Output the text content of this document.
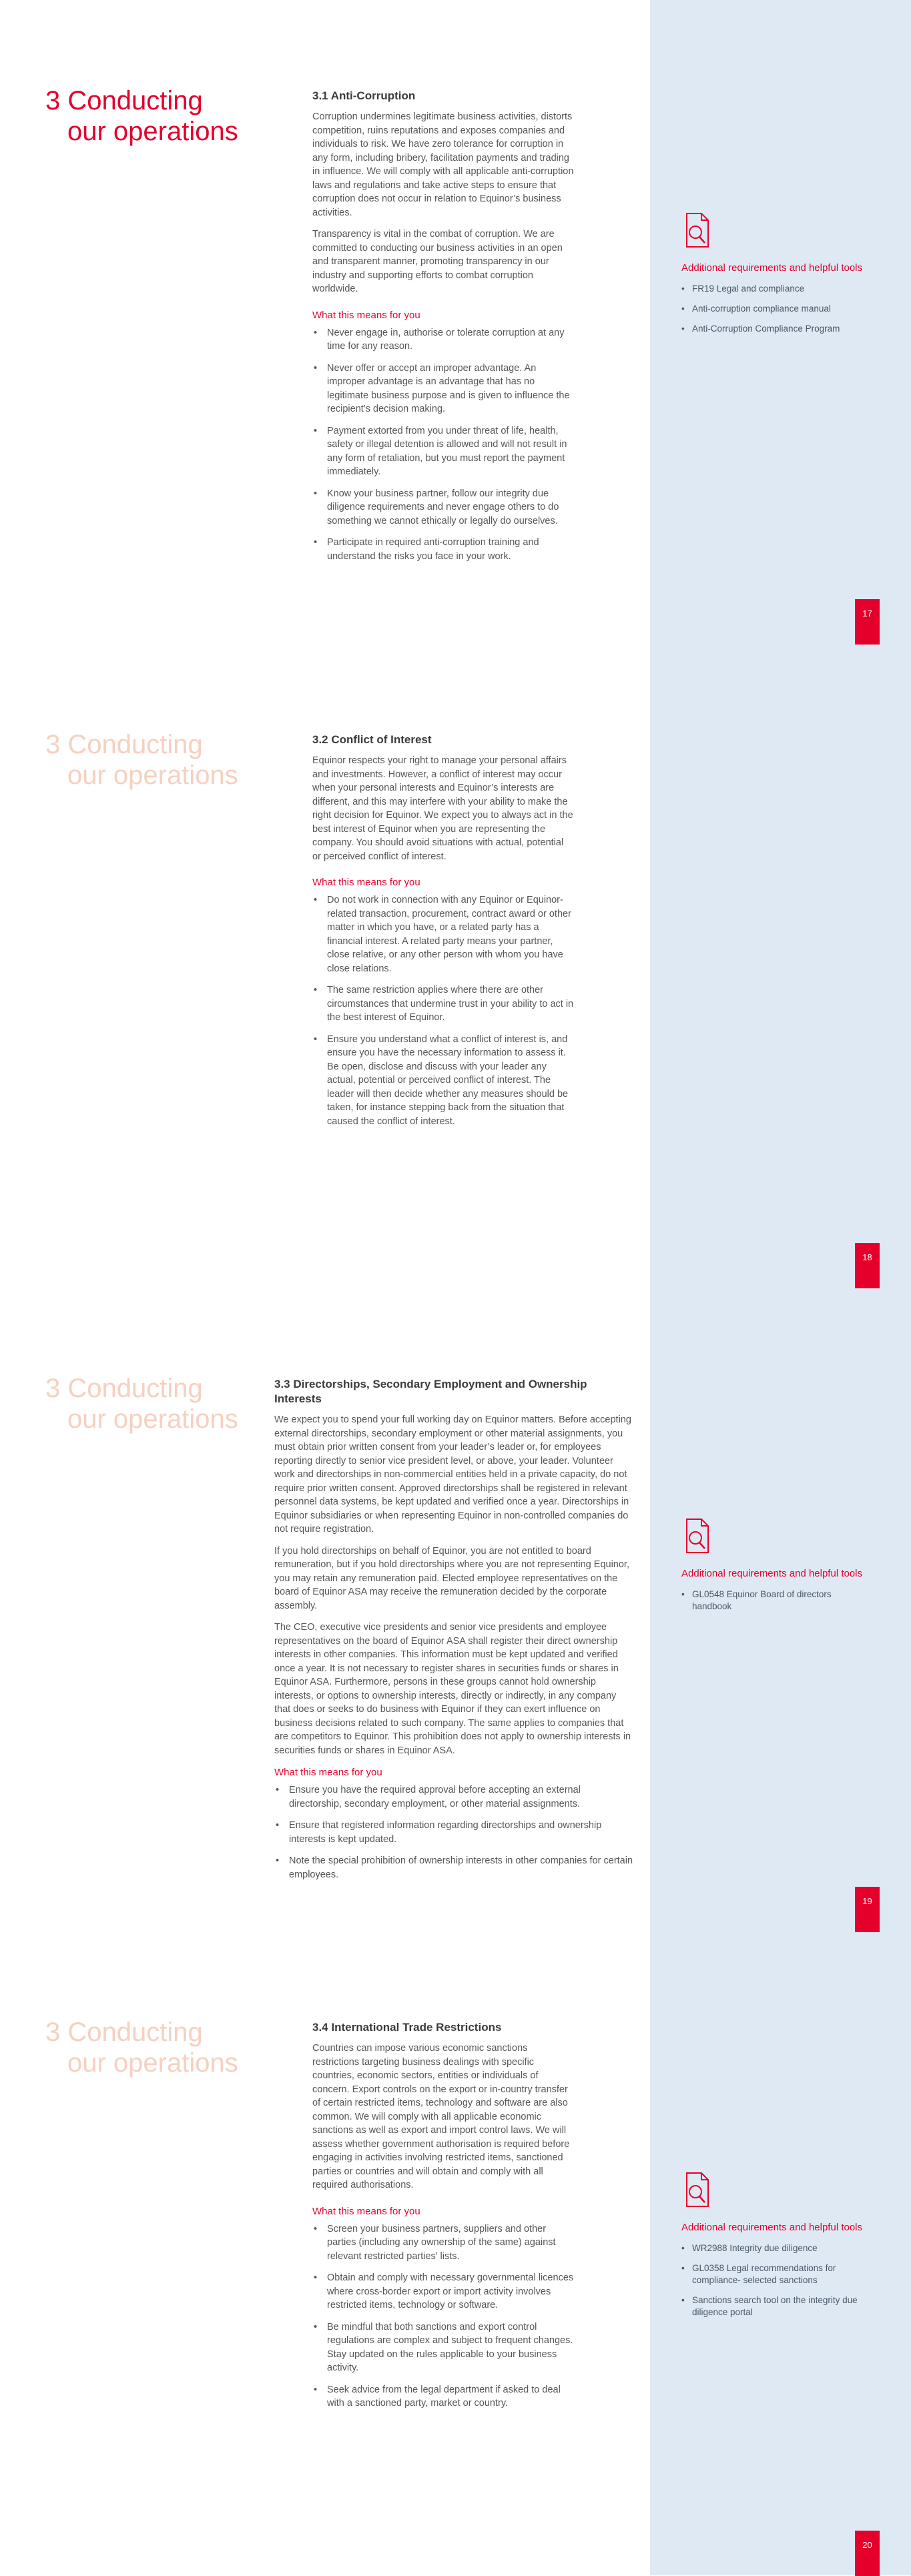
3 Conducting
our operations
3.1 Anti-Corruption

Corruption undermines legitimate business activities, distorts competition, ruins reputations and exposes companies and individuals to risk. We have zero tolerance for corruption in any form, including bribery, facilitation payments and trading in influence. We will comply with all applicable anti-corruption laws and regulations and take active steps to ensure that corruption does not occur in relation to Equinor’s business activities.

Transparency is vital in the combat of corruption. We are committed to conducting our business activities in an open and transparent manner, promoting transparency in our industry and supporting efforts to combat corruption worldwide.

What this means for you
• Never engage in, authorise or tolerate corruption at any time for any reason.
• Never offer or accept an improper advantage. An improper advantage is an advantage that has no legitimate business purpose and is given to influence the recipient’s decision making.
• Payment extorted from you under threat of life, health, safety or illegal detention is allowed and will not result in any form of retaliation, but you must report the payment immediately.
• Know your business partner, follow our integrity due diligence requirements and never engage others to do something we cannot ethically or legally do ourselves.
• Participate in required anti-corruption training and understand the risks you face in your work.
Additional requirements and helpful tools
• FR19 Legal and compliance
• Anti-corruption compliance manual
• Anti-Corruption Compliance Program
17
3 Conducting
our operations
3.2 Conflict of Interest

Equinor respects your right to manage your personal affairs and investments. However, a conflict of interest may occur when your personal interests and Equinor’s interests are different, and this may interfere with your ability to make the right decision for Equinor. We expect you to always act in the best interest of Equinor when you are representing the company. You should avoid situations with actual, potential or perceived conflict of interest.

What this means for you
• Do not work in connection with any Equinor or Equinor-related transaction, procurement, contract award or other matter in which you have, or a related party has a financial interest. A related party means your partner, close relative, or any other person with whom you have close relations.
• The same restriction applies where there are other circumstances that undermine trust in your ability to act in the best interest of Equinor.
• Ensure you understand what a conflict of interest is, and ensure you have the necessary information to assess it. Be open, disclose and discuss with your leader any actual, potential or perceived conflict of interest. The leader will then decide whether any measures should be taken, for instance stepping back from the situation that caused the conflict of interest.
18
3 Conducting
our operations
3.3 Directorships, Secondary Employment and Ownership Interests

We expect you to spend your full working day on Equinor matters. Before accepting external directorships, secondary employment or other material assignments, you must obtain prior written consent from your leader’s leader or, for employees reporting directly to senior vice president level, or above, your leader. Volunteer work and directorships in non-commercial entities held in a private capacity, do not require prior written consent. Approved directorships shall be registered in relevant personnel data systems, be kept updated and verified once a year. Directorships in Equinor subsidiaries or when representing Equinor in non-controlled companies do not require registration.

If you hold directorships on behalf of Equinor, you are not entitled to board remuneration, but if you hold directorships where you are not representing Equinor, you may retain any remuneration paid. Elected employee representatives on the board of Equinor ASA may receive the remuneration decided by the corporate assembly.

The CEO, executive vice presidents and senior vice presidents and employee representatives on the board of Equinor ASA shall register their direct ownership interests in other companies. This information must be kept updated and verified once a year. It is not necessary to register shares in securities funds or shares in Equinor ASA. Furthermore, persons in these groups cannot hold ownership interests, or options to ownership interests, directly or indirectly, in any company that does or seeks to do business with Equinor if they can exert influence on business decisions related to such company. The same applies to companies that are competitors to Equinor. This prohibition does not apply to ownership interests in securities funds or shares in Equinor ASA.

What this means for you
• Ensure you have the required approval before accepting an external directorship, secondary employment, or other material assignments.
• Ensure that registered information regarding directorships and ownership interests is kept updated.
• Note the special prohibition of ownership interests in other companies for certain employees.
Additional requirements and helpful tools
• GL0548 Equinor Board of directors handbook
19
3 Conducting
our operations
3.4 International Trade Restrictions

Countries can impose various economic sanctions restrictions targeting business dealings with specific countries, economic sectors, entities or individuals of concern. Export controls on the export or in-country transfer of certain restricted items, technology and software are also common. We will comply with all applicable economic sanctions as well as export and import control laws. We will assess whether government authorisation is required before engaging in activities involving restricted items, sanctioned parties or countries and will obtain and comply with all required authorisations.

What this means for you
• Screen your business partners, suppliers and other parties (including any ownership of the same) against relevant restricted parties’ lists.
• Obtain and comply with necessary governmental licences where cross-border export or import activity involves restricted items, technology or software.
• Be mindful that both sanctions and export control regulations are complex and subject to frequent changes. Stay updated on the rules applicable to your business activity.
• Seek advice from the legal department if asked to deal with a sanctioned party, market or country.
Additional requirements and helpful tools
• WR2988 Integrity due diligence
• GL0358 Legal recommendations for compliance- selected sanctions
• Sanctions search tool on the integrity due diligence portal
20
